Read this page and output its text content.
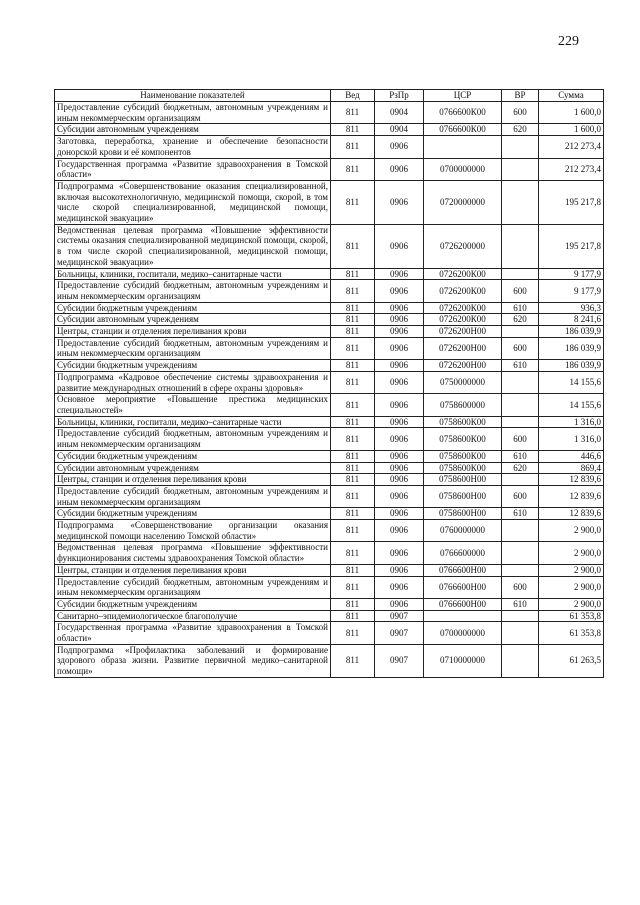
229
Наименование показателей	Вед	РзПр	ЦСР	ВР	Сумма
Предоставление субсидий бюджетным, автономным учреждениям и иным некоммерческим организациям	811	0904	0766600К00	600	1 600,0
Субсидии автономным учреждениям	811	0904	0766600К00	620	1 600,0
Заготовка, переработка, хранение и обеспечение безопасности донорской крови и её компонентов	811	0906			212 273,4
Государственная программа «Развитие здравоохранения в Томской области»	811	0906	0700000000		212 273,4
Подпрограмма «Совершенствование оказания специализированной, включая высокотехнологичную, медицинской помощи, скорой, в том числе скорой специализированной, медицинской помощи, медицинской эвакуации»	811	0906	0720000000		195 217,8
Ведомственная целевая программа «Повышение эффективности системы оказания специализированной медицинской помощи, скорой, в том числе скорой специализированной, медицинской помощи, медицинской эвакуации»	811	0906	0726200000		195 217,8
Больницы, клиники, госпитали, медико–санитарные части	811	0906	0726200К00		9 177,9
Предоставление субсидий бюджетным, автономным учреждениям и иным некоммерческим организациям	811	0906	0726200К00	600	9 177,9
Субсидии бюджетным учреждениям	811	0906	0726200К00	610	936,3
Субсидии автономным учреждениям	811	0906	0726200К00	620	8 241,6
Центры, станции и отделения переливания крови	811	0906	0726200Н00		186 039,9
Предоставление субсидий бюджетным, автономным учреждениям и иным некоммерческим организациям	811	0906	0726200Н00	600	186 039,9
Субсидии бюджетным учреждениям	811	0906	0726200Н00	610	186 039,9
Подпрограмма «Кадровое обеспечение системы здравоохранения и развитие международных отношений в сфере охраны здоровья»	811	0906	0750000000		14 155,6
Основное мероприятие «Повышение престижа медицинских специальностей»	811	0906	0758600000		14 155,6
Больницы, клиники, госпитали, медико–санитарные части	811	0906	0758600К00		1 316,0
Предоставление субсидий бюджетным, автономным учреждениям и иным некоммерческим организациям	811	0906	0758600К00	600	1 316,0
Субсидии бюджетным учреждениям	811	0906	0758600К00	610	446,6
Субсидии автономным учреждениям	811	0906	0758600К00	620	869,4
Центры, станции и отделения переливания крови	811	0906	0758600Н00		12 839,6
Предоставление субсидий бюджетным, автономным учреждениям и иным некоммерческим организациям	811	0906	0758600Н00	600	12 839,6
Субсидии бюджетным учреждениям	811	0906	0758600Н00	610	12 839,6
Подпрограмма «Совершенствование организации оказания медицинской помощи населению Томской области»	811	0906	0760000000		2 900,0
Ведомственная целевая программа «Повышение эффективности функционирования системы здравоохранения Томской области»	811	0906	0766600000		2 900,0
Центры, станции и отделения переливания крови	811	0906	0766600Н00		2 900,0
Предоставление субсидий бюджетным, автономным учреждениям и иным некоммерческим организациям	811	0906	0766600Н00	600	2 900,0
Субсидии бюджетным учреждениям	811	0906	0766600Н00	610	2 900,0
Санитарно–эпидемиологическое благополучие	811	0907			61 353,8
Государственная программа «Развитие здравоохранения в Томской области»	811	0907	0700000000		61 353,8
Подпрограмма «Профилактика заболеваний и формирование здорового образа жизни. Развитие первичной медико–санитарной помощи»	811	0907	0710000000		61 263,5
